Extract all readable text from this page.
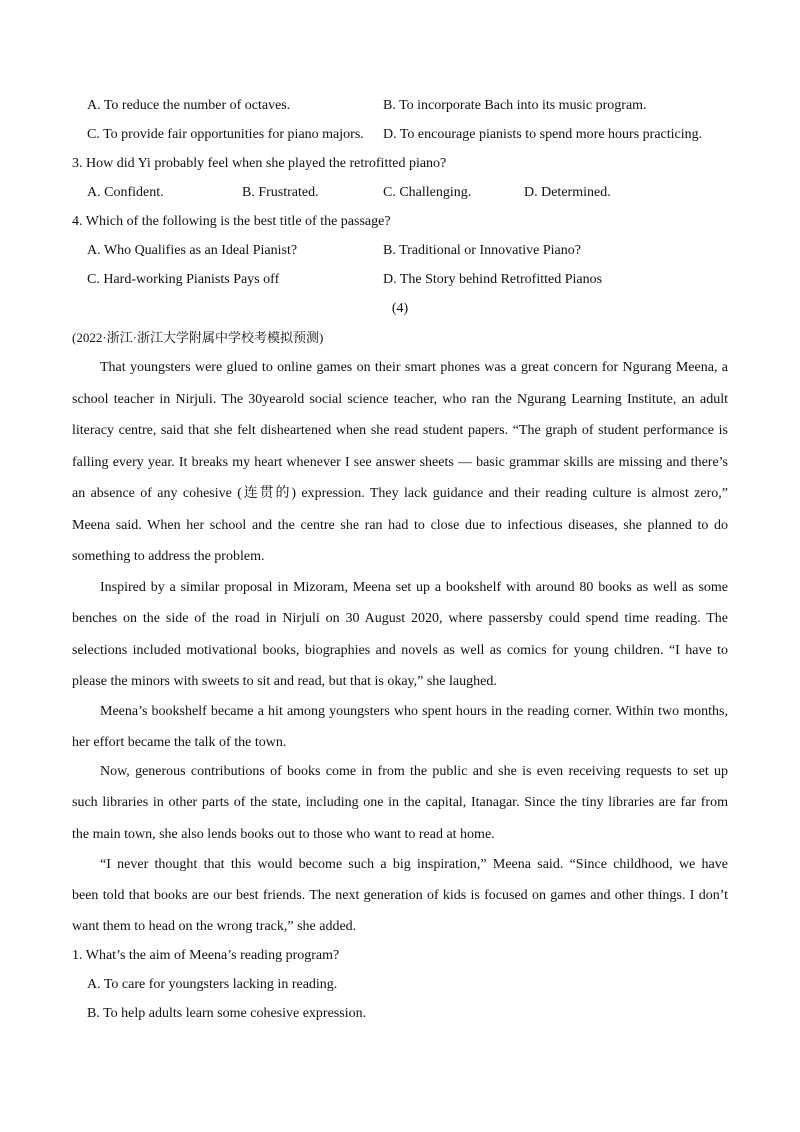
A. To reduce the number of octaves.	B. To incorporate Bach into its music program.
C. To provide fair opportunities for piano majors. D. To encourage pianists to spend more hours practicing.
3. How did Yi probably feel when she played the retrofitted piano?
A. Confident.	B. Frustrated.	C. Challenging.	D. Determined.
4. Which of the following is the best title of the passage?
A. Who Qualifies as an Ideal Pianist?	B. Traditional or Innovative Piano?
C. Hard-working Pianists Pays off	D. The Story behind Retrofitted Pianos
(4)
(2022·浙江·浙江大学附属中学校考模拟预测)
That youngsters were glued to online games on their smart phones was a great concern for Ngurang Meena, a
school teacher in Nirjuli. The 30yearold social science teacher, who ran the Ngurang Learning Institute, an adult
literacy centre, said that she felt disheartened when she read student papers. “The graph of student performance is
falling every year. It breaks my heart whenever I see answer sheets — basic grammar skills are missing and there’s
an absence of any cohesive (连贯的) expression. They lack guidance and their reading culture is almost zero,”
Meena said. When her school and the centre she ran had to close due to infectious diseases, she planned to do
something to address the problem.
Inspired by a similar proposal in Mizoram, Meena set up a bookshelf with around 80 books as well as some
benches on the side of the road in Nirjuli on 30 August 2020, where passersby could spend time reading. The
selections included motivational books, biographies and novels as well as comics for young children. “I have to
please the minors with sweets to sit and read, but that is okay,” she laughed.
Meena’s bookshelf became a hit among youngsters who spent hours in the reading corner. Within two months,
her effort became the talk of the town.
Now, generous contributions of books come in from the public and she is even receiving requests to set up
such libraries in other parts of the state, including one in the capital, Itanagar. Since the tiny libraries are far from
the main town, she also lends books out to those who want to read at home.
“I never thought that this would become such a big inspiration,” Meena said. “Since childhood, we have
been told that books are our best friends. The next generation of kids is focused on games and other things. I don’t
want them to head on the wrong track,” she added.
1. What’s the aim of Meena’s reading program?
A. To care for youngsters lacking in reading.
B. To help adults learn some cohesive expression.
